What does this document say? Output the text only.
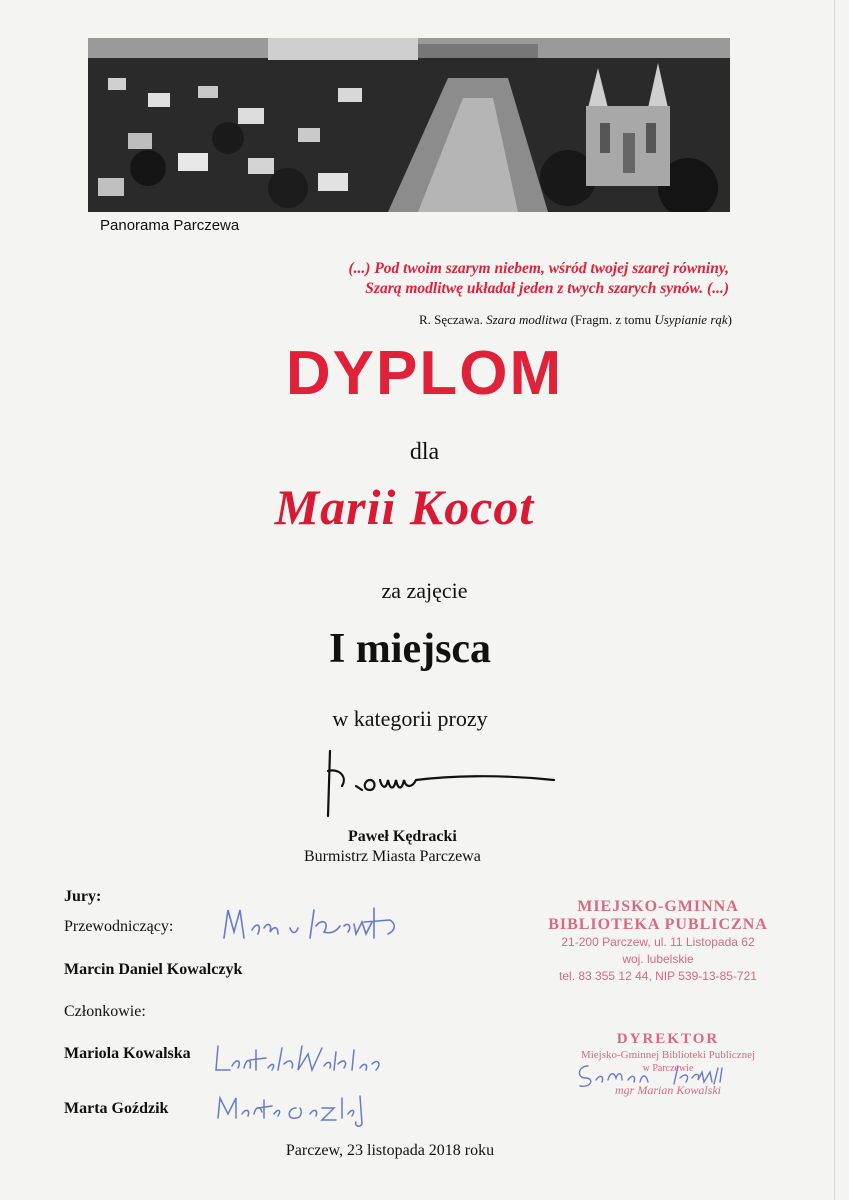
Panorama Parczewa
(...) Pod twoim szarym niebem, wśród twojej szarej równiny,
Szarą modlitwę układał jeden z twych szarych synów. (...)
R. Sęczawa. Szara modlitwa (Fragm. z tomu Usypianie rąk)
DYPLOM
dla
Marii Kocot
za zajęcie
I miejsca
w kategorii prozy
Paweł Kędracki
Burmistrz Miasta Parczewa
Jury:
Przewodniczący:
Marcin Daniel Kowalczyk
Członkowie:
Mariola Kowalska
Marta Goździk
MIEJSKO-GMINNA
BIBLIOTEKA PUBLICZNA
21-200 Parczew, ul. 11 Listopada 62
woj. lubelskie
tel. 83 355 12 44, NIP 539-13-85-721
DYREKTOR
Miejsko-Gminnej Biblioteki Publicznej
w Parczewie
mgr Marian Kowalski
Parczew, 23 listopada 2018 roku
